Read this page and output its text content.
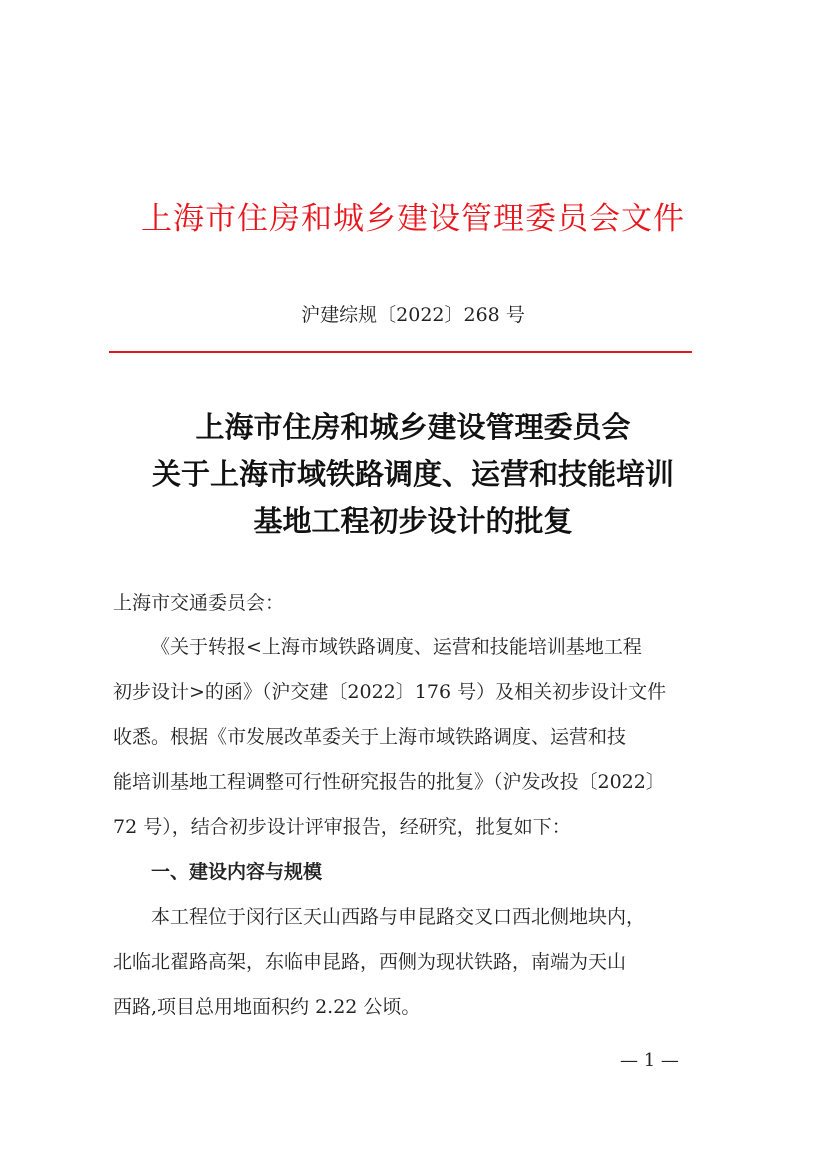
上海市住房和城乡建设管理委员会文件
沪建综规〔2022〕268 号
上海市住房和城乡建设管理委员会
关于上海市域铁路调度、运营和技能培训
基地工程初步设计的批复
上海市交通委员会：
《关于转报<上海市域铁路调度、运营和技能培训基地工程
初步设计>的函》（沪交建〔2022〕176 号）及相关初步设计文件
收悉。根据《市发展改革委关于上海市域铁路调度、运营和技
能培训基地工程调整可行性研究报告的批复》（沪发改投〔2022〕
72 号），结合初步设计评审报告，经研究，批复如下：
一、建设内容与规模
本工程位于闵行区天山西路与申昆路交叉口西北侧地块内，
北临北翟路高架，东临申昆路，西侧为现状铁路，南端为天山
西路,项目总用地面积约 2.22 公顷。
— 1 —
